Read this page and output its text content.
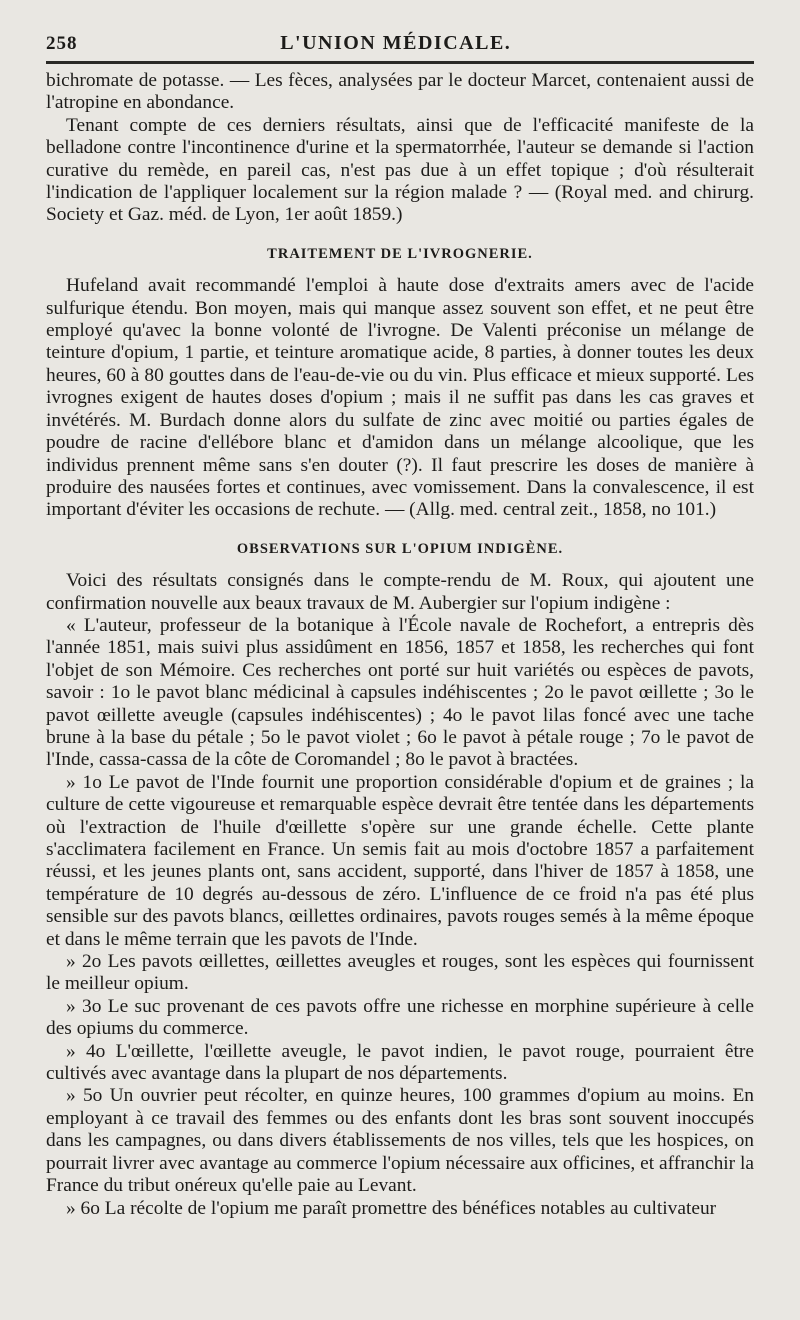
258	L'UNION MÉDICALE.

bichromate de potasse. — Les fèces, analysées par le docteur Marcet, contenaient aussi de l'atropine en abondance.

Tenant compte de ces derniers résultats, ainsi que de l'efficacité manifeste de la belladone contre l'incontinence d'urine et la spermatorrhée, l'auteur se demande si l'action curative du remède, en pareil cas, n'est pas due à un effet topique ; d'où résulterait l'indication de l'appliquer localement sur la région malade ? — (Royal med. and chirurg. Society et Gaz. méd. de Lyon, 1er août 1859.)

TRAITEMENT DE L'IVROGNERIE.

Hufeland avait recommandé l'emploi à haute dose d'extraits amers avec de l'acide sulfurique étendu. Bon moyen, mais qui manque assez souvent son effet, et ne peut être employé qu'avec la bonne volonté de l'ivrogne. De Valenti préconise un mélange de teinture d'opium, 1 partie, et teinture aromatique acide, 8 parties, à donner toutes les deux heures, 60 à 80 gouttes dans de l'eau-de-vie ou du vin. Plus efficace et mieux supporté. Les ivrognes exigent de hautes doses d'opium ; mais il ne suffit pas dans les cas graves et invétérés. M. Burdach donne alors du sulfate de zinc avec moitié ou parties égales de poudre de racine d'ellébore blanc et d'amidon dans un mélange alcoolique, que les individus prennent même sans s'en douter (?). Il faut prescrire les doses de manière à produire des nausées fortes et continues, avec vomissement. Dans la convalescence, il est important d'éviter les occasions de rechute. — (Allg. med. central zeit., 1858, no 101.)

OBSERVATIONS SUR L'OPIUM INDIGÈNE.

Voici des résultats consignés dans le compte-rendu de M. Roux, qui ajoutent une confirmation nouvelle aux beaux travaux de M. Aubergier sur l'opium indigène :

« L'auteur, professeur de la botanique à l'École navale de Rochefort, a entrepris dès l'année 1851, mais suivi plus assidûment en 1856, 1857 et 1858, les recherches qui font l'objet de son Mémoire. Ces recherches ont porté sur huit variétés ou espèces de pavots, savoir : 1o le pavot blanc médicinal à capsules indéhiscentes ; 2o le pavot œillette ; 3o le pavot œillette aveugle (capsules indéhiscentes) ; 4o le pavot lilas foncé avec une tache brune à la base du pétale ; 5o le pavot violet ; 6o le pavot à pétale rouge ; 7o le pavot de l'Inde, cassa-cassa de la côte de Coromandel ; 8o le pavot à bractées.

» 1o Le pavot de l'Inde fournit une proportion considérable d'opium et de graines ; la culture de cette vigoureuse et remarquable espèce devrait être tentée dans les départements où l'extraction de l'huile d'œillette s'opère sur une grande échelle. Cette plante s'acclimatera facilement en France. Un semis fait au mois d'octobre 1857 a parfaitement réussi, et les jeunes plants ont, sans accident, supporté, dans l'hiver de 1857 à 1858, une température de 10 degrés au-dessous de zéro. L'influence de ce froid n'a pas été plus sensible sur des pavots blancs, œillettes ordinaires, pavots rouges semés à la même époque et dans le même terrain que les pavots de l'Inde.

» 2o Les pavots œillettes, œillettes aveugles et rouges, sont les espèces qui fournissent le meilleur opium.

» 3o Le suc provenant de ces pavots offre une richesse en morphine supérieure à celle des opiums du commerce.

» 4o L'œillette, l'œillette aveugle, le pavot indien, le pavot rouge, pourraient être cultivés avec avantage dans la plupart de nos départements.

» 5o Un ouvrier peut récolter, en quinze heures, 100 grammes d'opium au moins. En employant à ce travail des femmes ou des enfants dont les bras sont souvent inoccupés dans les campagnes, ou dans divers établissements de nos villes, tels que les hospices, on pourrait livrer avec avantage au commerce l'opium nécessaire aux officines, et affranchir la France du tribut onéreux qu'elle paie au Levant.

» 6o La récolte de l'opium me paraît promettre des bénéfices notables au cultivateur
